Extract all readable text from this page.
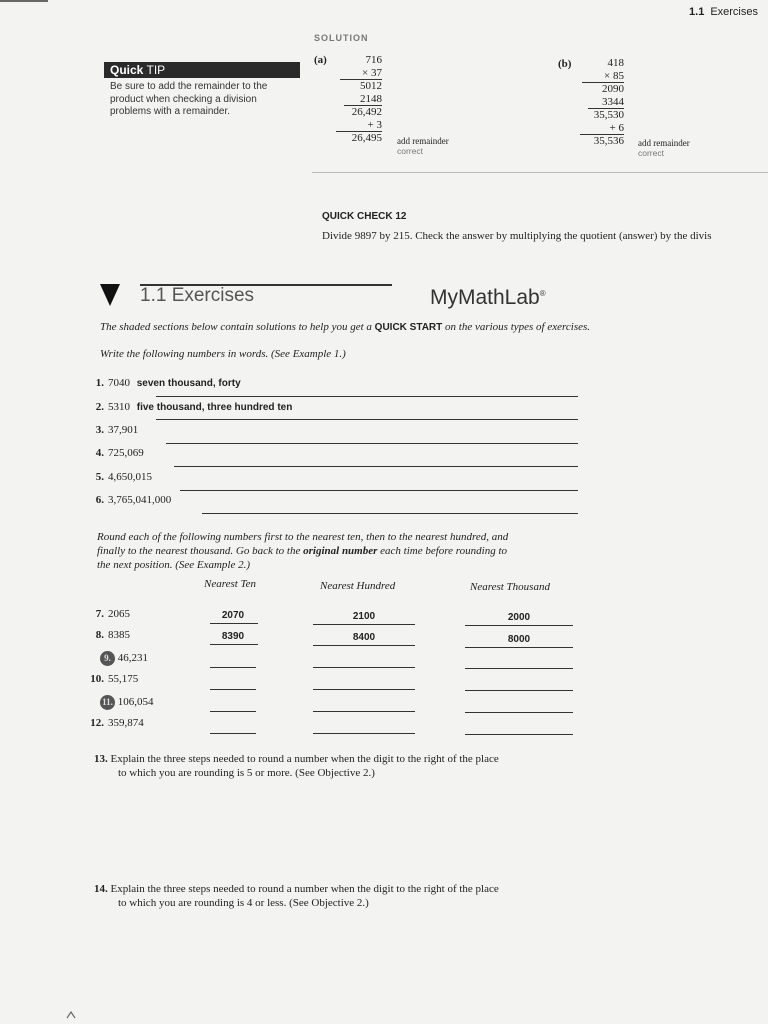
1.1 Exercises
Quick TIP
Be sure to add the remainder to the product when checking a division problems with a remainder.
SOLUTION
(a)	716
× 37
5012
2148
26,492
+ 3
26,495 add remainder
correct
(b)	418
× 85
2090
3344
35,530
+ 6
35,536 add remainder
correct
QUICK CHECK 12
Divide 9897 by 215. Check the answer by multiplying the quotient (answer) by the divis
1.1 Exercises	MyMathLab®
The shaded sections below contain solutions to help you get a QUICK START on the various types of exercises.
Write the following numbers in words. (See Example 1.)
1. 7040 seven thousand, forty
2. 5310 five thousand, three hundred ten
3. 37,901
4. 725,069
5. 4,650,015
6. 3,765,041,000
Round each of the following numbers first to the nearest ten, then to the nearest hundred, and
finally to the nearest thousand. Go back to the original number each time before rounding to
the next position. (See Example 2.)
Nearest Ten	Nearest Hundred	Nearest Thousand
7. 2065	2070	2100	2000
8. 8385	8390	8400	8000
9. 46,231
10. 55,175
11. 106,054
12. 359,874
13. Explain the three steps needed to round a number when the digit to the right of the place
to which you are rounding is 5 or more. (See Objective 2.)
14. Explain the three steps needed to round a number when the digit to the right of the place
to which you are rounding is 4 or less. (See Objective 2.)
